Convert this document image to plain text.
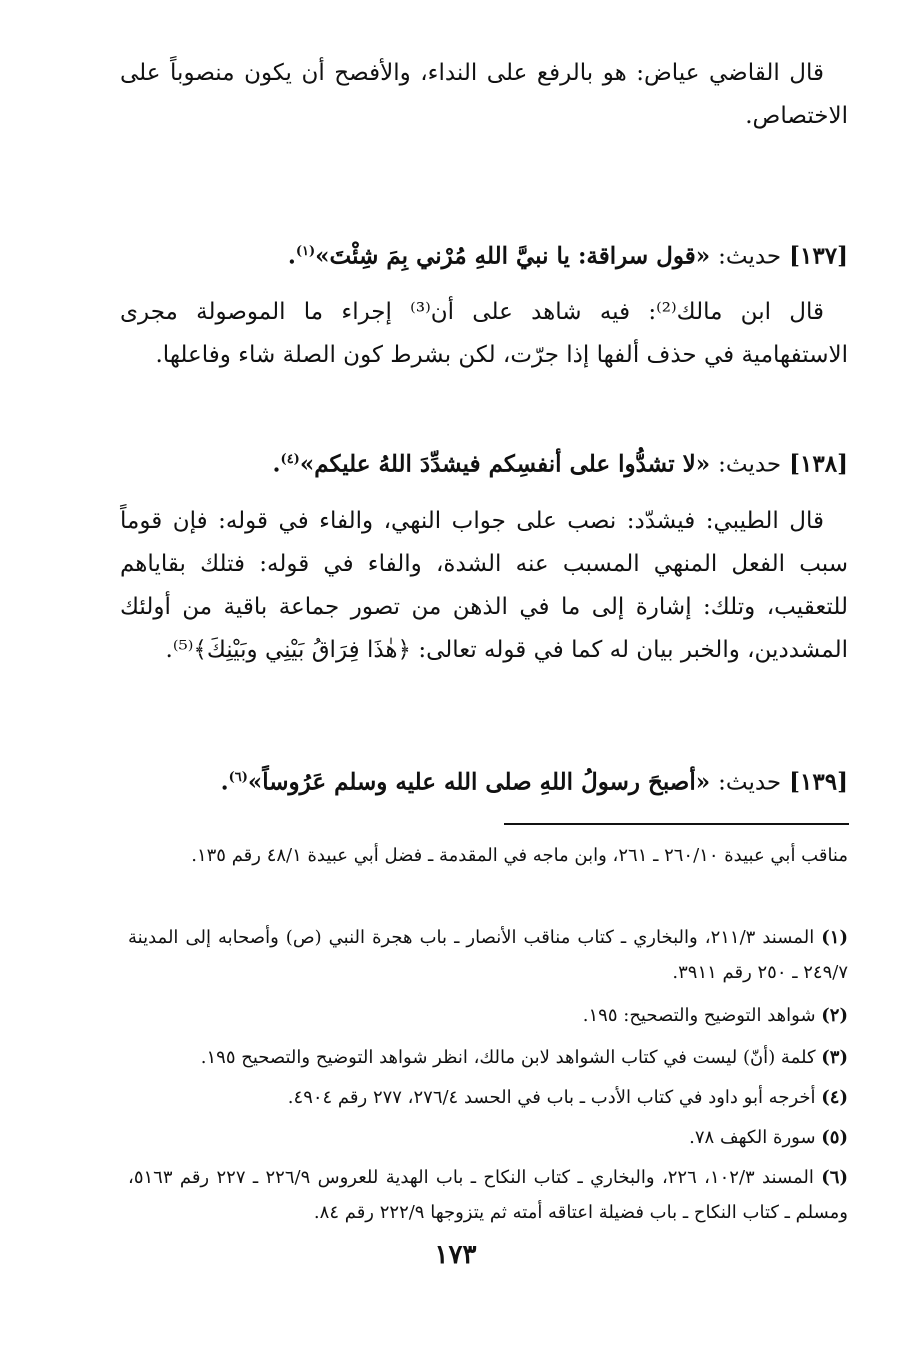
قال القاضي عياض: هو بالرفع على النداء، والأفصح أن يكون منصوباً على الاختصاص.

[١٣٧] حديث: «قول سراقة: يا نبيَّ اللهِ مُرْني بِمَ شِئْتَ»$^{(١)}$.

قال ابن مالك⁽²⁾: فيه شاهد على أن⁽³⁾ إجراء ما الموصولة مجرى الاستفهامية في حذف ألفها إذا جرّت، لكن بشرط كون الصلة شاء وفاعلها.

[١٣٨] حديث: «لا تشدُّوا على أنفسِكم فيشدِّدَ اللهُ عليكم»$^{(٤)}$.

قال الطيبي: فيشدّد: نصب على جواب النهي، والفاء في قوله: فإن قوماً سبب الفعل المنهي المسبب عنه الشدة، والفاء في قوله: فتلك بقاياهم للتعقيب، وتلك: إشارة إلى ما في الذهن من تصور جماعة باقية من أولئك المشددين، والخبر بيان له كما في قوله تعالى: ﴿هٰذَا فِرَاقُ بَيْنِي وبَيْنِكَ﴾⁽⁵⁾.

[١٣٩] حديث: «أصبحَ رسولُ اللهِ صلى الله عليه وسلم عَرُوساً»$^{(٦)}$.

مناقب أبي عبيدة ٢٦٠/١٠ ـ ٢٦١، وابن ماجه في المقدمة ـ فضل أبي عبيدة ٤٨/١ رقم ١٣٥.

(١) المسند ٢١١/٣، والبخاري ـ كتاب مناقب الأنصار ـ باب هجرة النبي (ص) وأصحابه إلى المدينة ٢٤٩/٧ ـ ٢٥٠ رقم ٣٩١١.

(٢) شواهد التوضيح والتصحيح: ١٩٥.

(٣) كلمة (أنّ) ليست في كتاب الشواهد لابن مالك، انظر شواهد التوضيح والتصحيح ١٩٥.

(٤) أخرجه أبو داود في كتاب الأدب ـ باب في الحسد ٢٧٦/٤، ٢٧٧ رقم ٤٩٠٤.

(٥) سورة الكهف ٧٨.

(٦) المسند ١٠٢/٣، ٢٢٦، والبخاري ـ كتاب النكاح ـ باب الهدية للعروس ٢٢٦/٩ ـ ٢٢٧ رقم ٥١٦٣، ومسلم ـ كتاب النكاح ـ باب فضيلة اعتاقه أمته ثم يتزوجها ٢٢٢/٩ رقم ٨٤.

١٧٣
